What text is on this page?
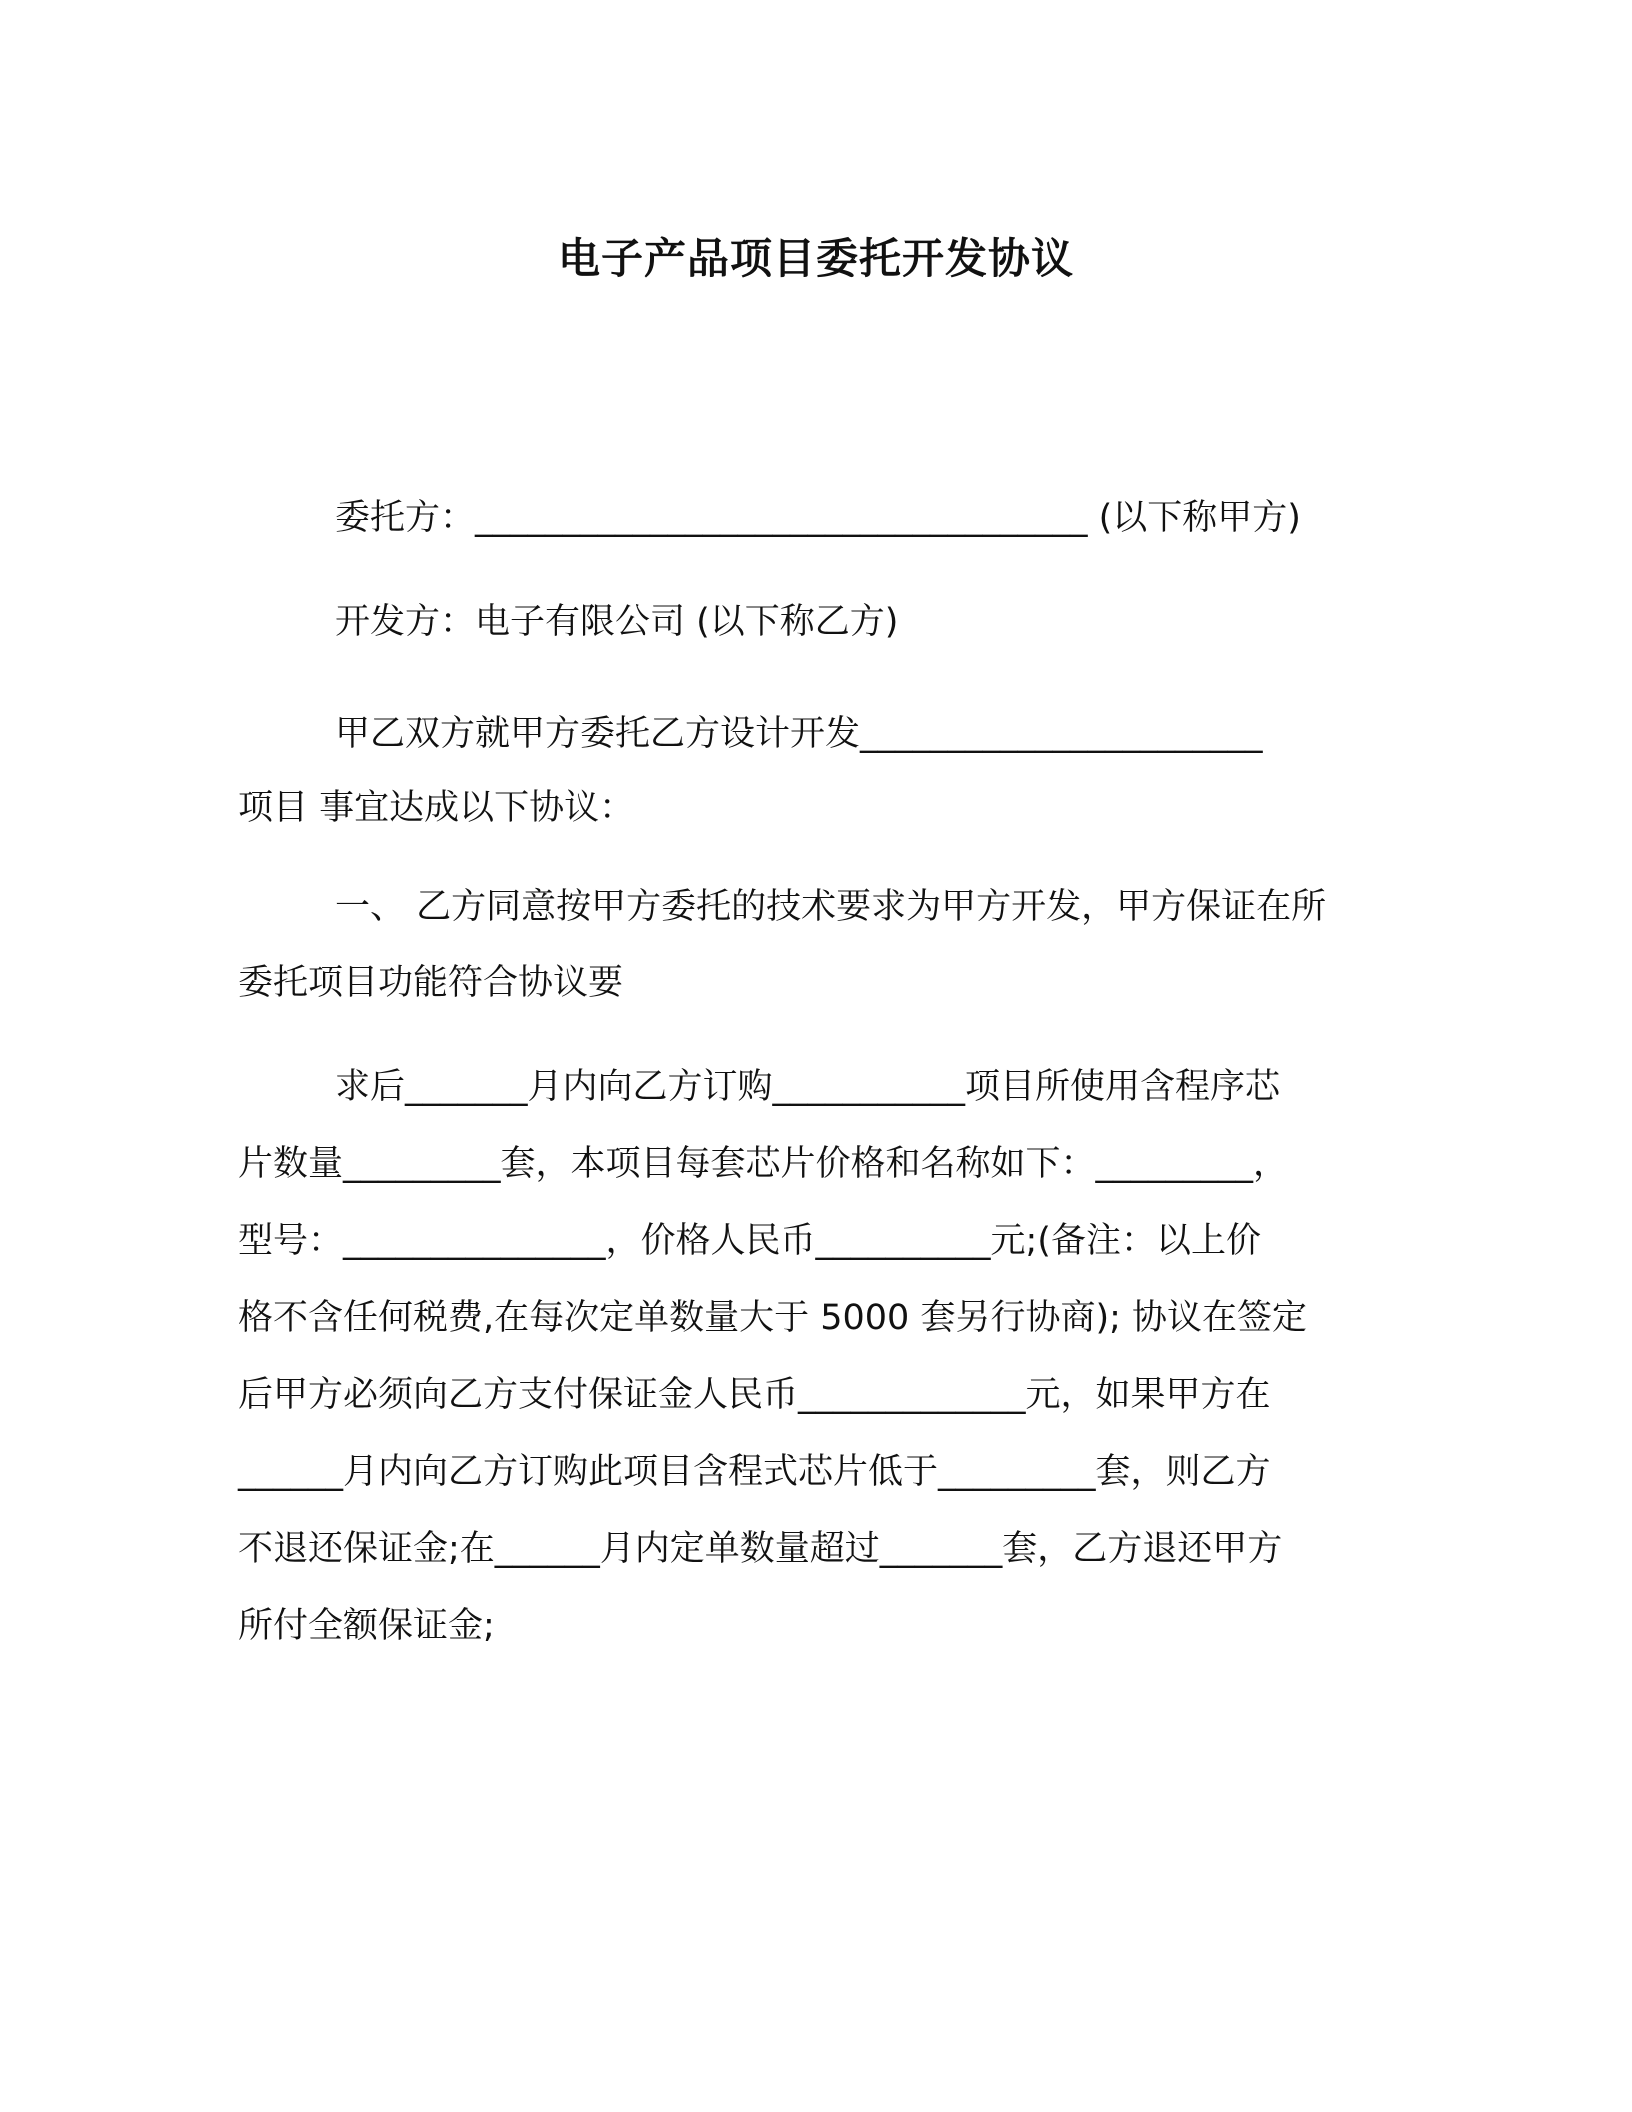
电子产品项目委托开发协议

委托方：___________________________________ (以下称甲方)

开发方：电子有限公司 (以下称乙方)

甲乙双方就甲方委托乙方设计开发_______________________

项目 事宜达成以下协议：

一、 乙方同意按甲方委托的技术要求为甲方开发，甲方保证在所

委托项目功能符合协议要

求后_______月内向乙方订购___________项目所使用含程序芯

片数量_________套，本项目每套芯片价格和名称如下：_________，

型号：_______________，价格人民币__________元;(备注：以上价

格不含任何税费,在每次定单数量大于 5000 套另行协商); 协议在签定

后甲方必须向乙方支付保证金人民币_____________元，如果甲方在

______月内向乙方订购此项目含程式芯片低于_________套，则乙方

不退还保证金;在______月内定单数量超过_______套，乙方退还甲方

所付全额保证金;
